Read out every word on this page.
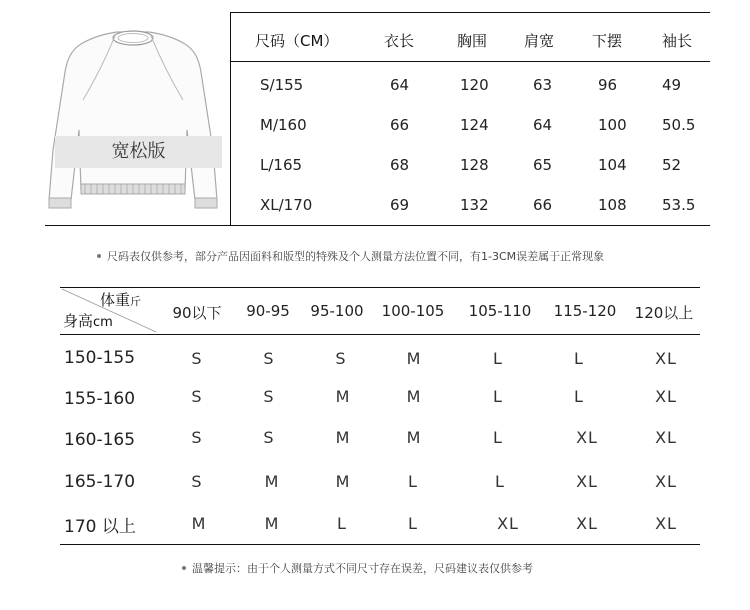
宽松版
尺码（CM）	衣长	胸围 肩宽	下摆	袖长
S/155	64	120	63	96	49
M/160	66	124	64	100 50.5
L/165	68	128	65	104 52
XL/170	69	132	66	108 53.5
尺码表仅供参考，部分产品因面料和版型的特殊及个人测量方法位置不同，有1-3CM误差属于正常现象
体重斤
身高cm
90以下 90-95 95-100 100-105 105-110 115-120 120以上
150-155	S	S	S	M	L	L	XL
155-160	S	S	M	M	L	L	XL
160-165	S	S	M	M	L	XL	XL
165-170	S	M	M	L	L	XL	XL
170 以上	M	M	L	L	XL	XL	XL
温馨提示：由于个人测量方式不同尺寸存在误差，尺码建议表仅供参考
